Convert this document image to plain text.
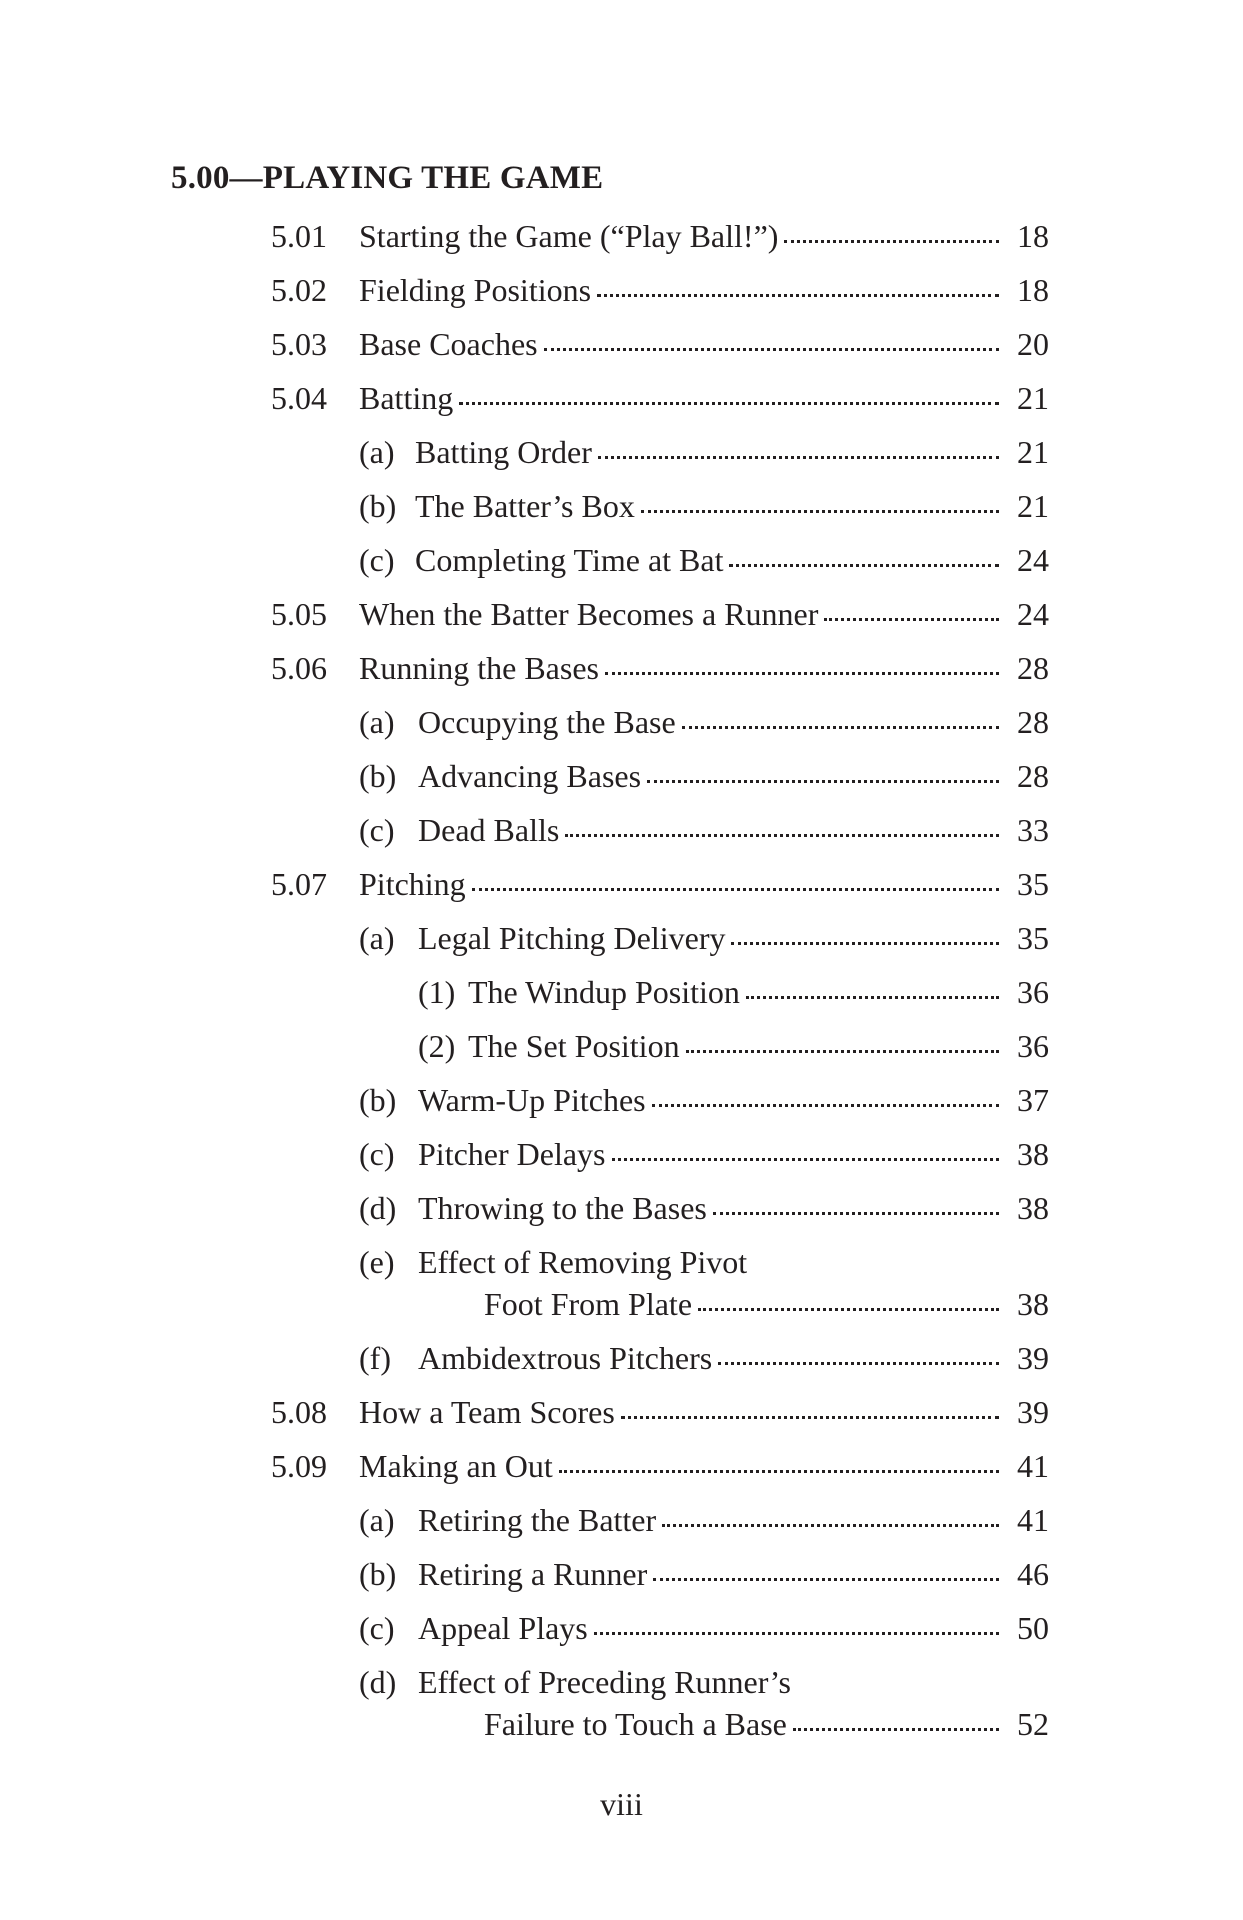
5.00—PLAYING THE GAME
5.01	Starting the Game (“Play Ball!”)	18
5.02	Fielding Positions	18
5.03	Base Coaches	20
5.04	Batting	21
(a) Batting Order	21
(b) The Batter’s Box	21
(c) Completing Time at Bat	24
5.05	When the Batter Becomes a Runner	24
5.06	Running the Bases	28
(a) Occupying the Base	28
(b) Advancing Bases	28
(c) Dead Balls	33
5.07	Pitching	35
(a) Legal Pitching Delivery	35
(1) The Windup Position	36
(2) The Set Position	36
(b) Warm-Up Pitches	37
(c) Pitcher Delays	38
(d) Throwing to the Bases	38
(e) Effect of Removing Pivot
Foot From Plate	38
(f) Ambidextrous Pitchers	39
5.08	How a Team Scores	39
5.09	Making an Out	41
(a) Retiring the Batter	41
(b) Retiring a Runner	46
(c) Appeal Plays	50
(d) Effect of Preceding Runner’s
Failure to Touch a Base	52
viii
